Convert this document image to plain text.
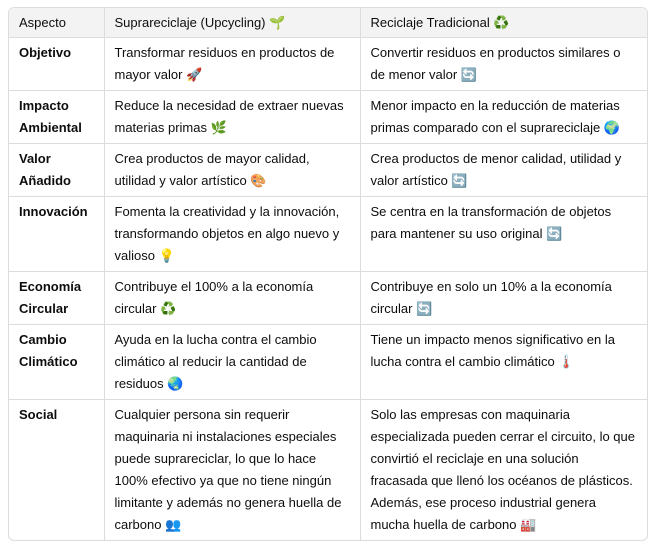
Aspecto	Suprareciclaje (Upcycling) 🌱	Reciclaje Tradicional ♻️
Objetivo	Transformar residuos en productos de mayor valor 🚀	Convertir residuos en productos similares o de menor valor 🔄
Impacto Ambiental	Reduce la necesidad de extraer nuevas materias primas 🌿	Menor impacto en la reducción de materias primas comparado con el suprareciclaje 🌍
Valor Añadido	Crea productos de mayor calidad, utilidad y valor artístico 🎨	Crea productos de menor calidad, utilidad y valor artístico 🔄
Innovación	Fomenta la creatividad y la innovación, transformando objetos en algo nuevo y valioso 💡	Se centra en la transformación de objetos para mantener su uso original 🔄
Economía Circular	Contribuye el 100% a la economía circular ♻️	Contribuye en solo un 10% a la economía circular 🔄
Cambio Climático	Ayuda en la lucha contra el cambio climático al reducir la cantidad de residuos 🌏	Tiene un impacto menos significativo en la lucha contra el cambio climático 🌡️
Social	Cualquier persona sin requerir maquinaria ni instalaciones especiales puede suprareciclar, lo que lo hace 100% efectivo ya que no tiene ningún limitante y además no genera huella de carbono 👥	Solo las empresas con maquinaria especializada pueden cerrar el circuito, lo que convirtió el reciclaje en una solución fracasada que llenó los océanos de plásticos. Además, ese proceso industrial genera mucha huella de carbono 🏭
